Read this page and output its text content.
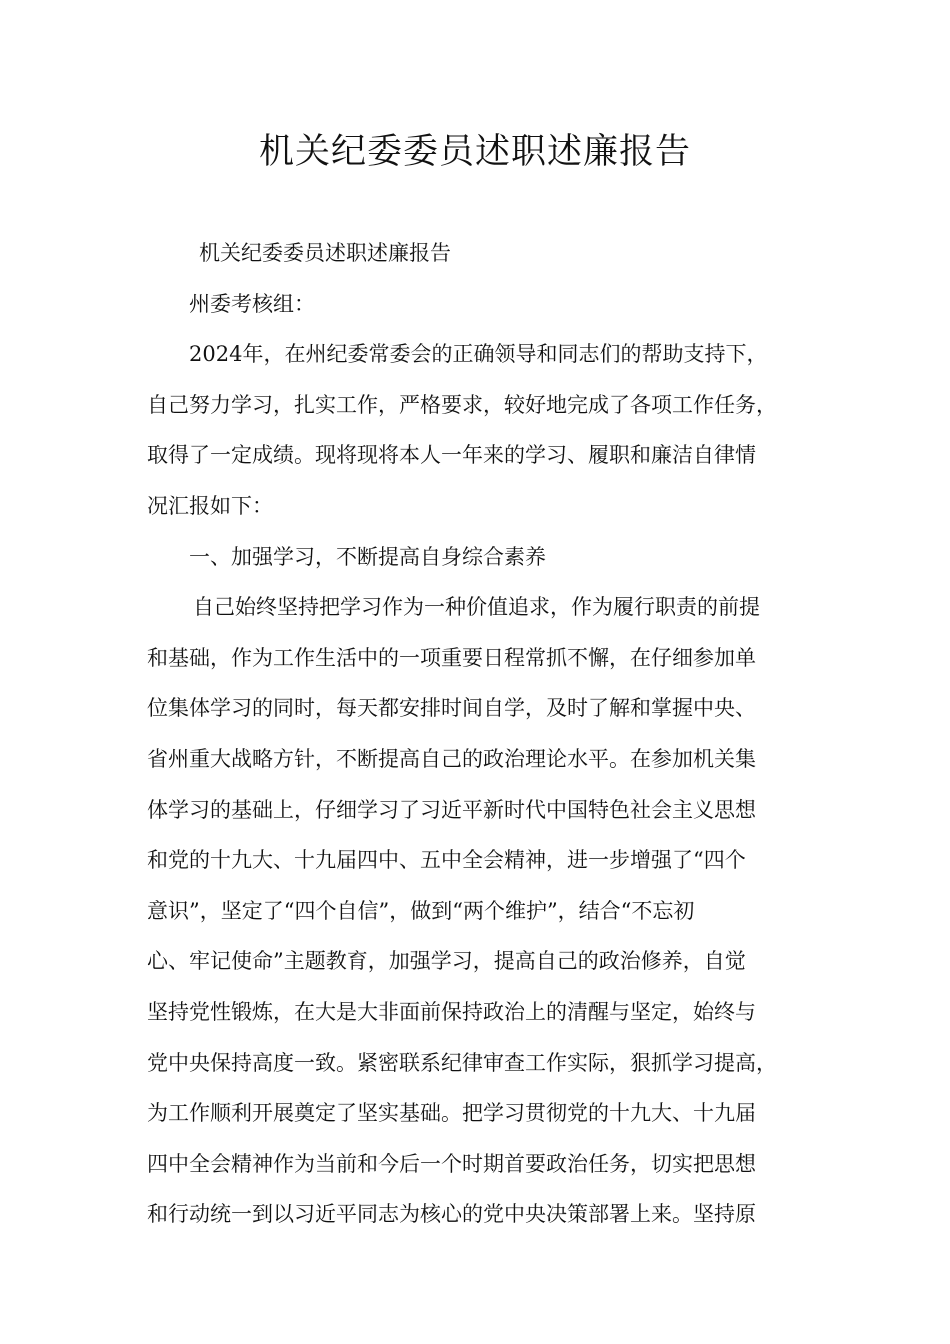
机关纪委委员述职述廉报告
机关纪委委员述职述廉报告
州委考核组：
2024年，在州纪委常委会的正确领导和同志们的帮助支持下，
自己努力学习，扎实工作，严格要求，较好地完成了各项工作任务，
取得了一定成绩。现将现将本人一年来的学习、履职和廉洁自律情
况汇报如下：
一、加强学习，不断提高自身综合素养
自己始终坚持把学习作为一种价值追求，作为履行职责的前提
和基础，作为工作生活中的一项重要日程常抓不懈，在仔细参加单
位集体学习的同时，每天都安排时间自学，及时了解和掌握中央、
省州重大战略方针，不断提高自己的政治理论水平。在参加机关集
体学习的基础上，仔细学习了习近平新时代中国特色社会主义思想
和党的十九大、十九届四中、五中全会精神，进一步增强了“四个
意识”，坚定了“四个自信”，做到“两个维护”，结合“不忘初
心、牢记使命”主题教育，加强学习，提高自己的政治修养，自觉
坚持党性锻炼，在大是大非面前保持政治上的清醒与坚定，始终与
党中央保持高度一致。紧密联系纪律审查工作实际，狠抓学习提高，
为工作顺利开展奠定了坚实基础。把学习贯彻党的十九大、十九届
四中全会精神作为当前和今后一个时期首要政治任务，切实把思想
和行动统一到以习近平同志为核心的党中央决策部署上来。坚持原
